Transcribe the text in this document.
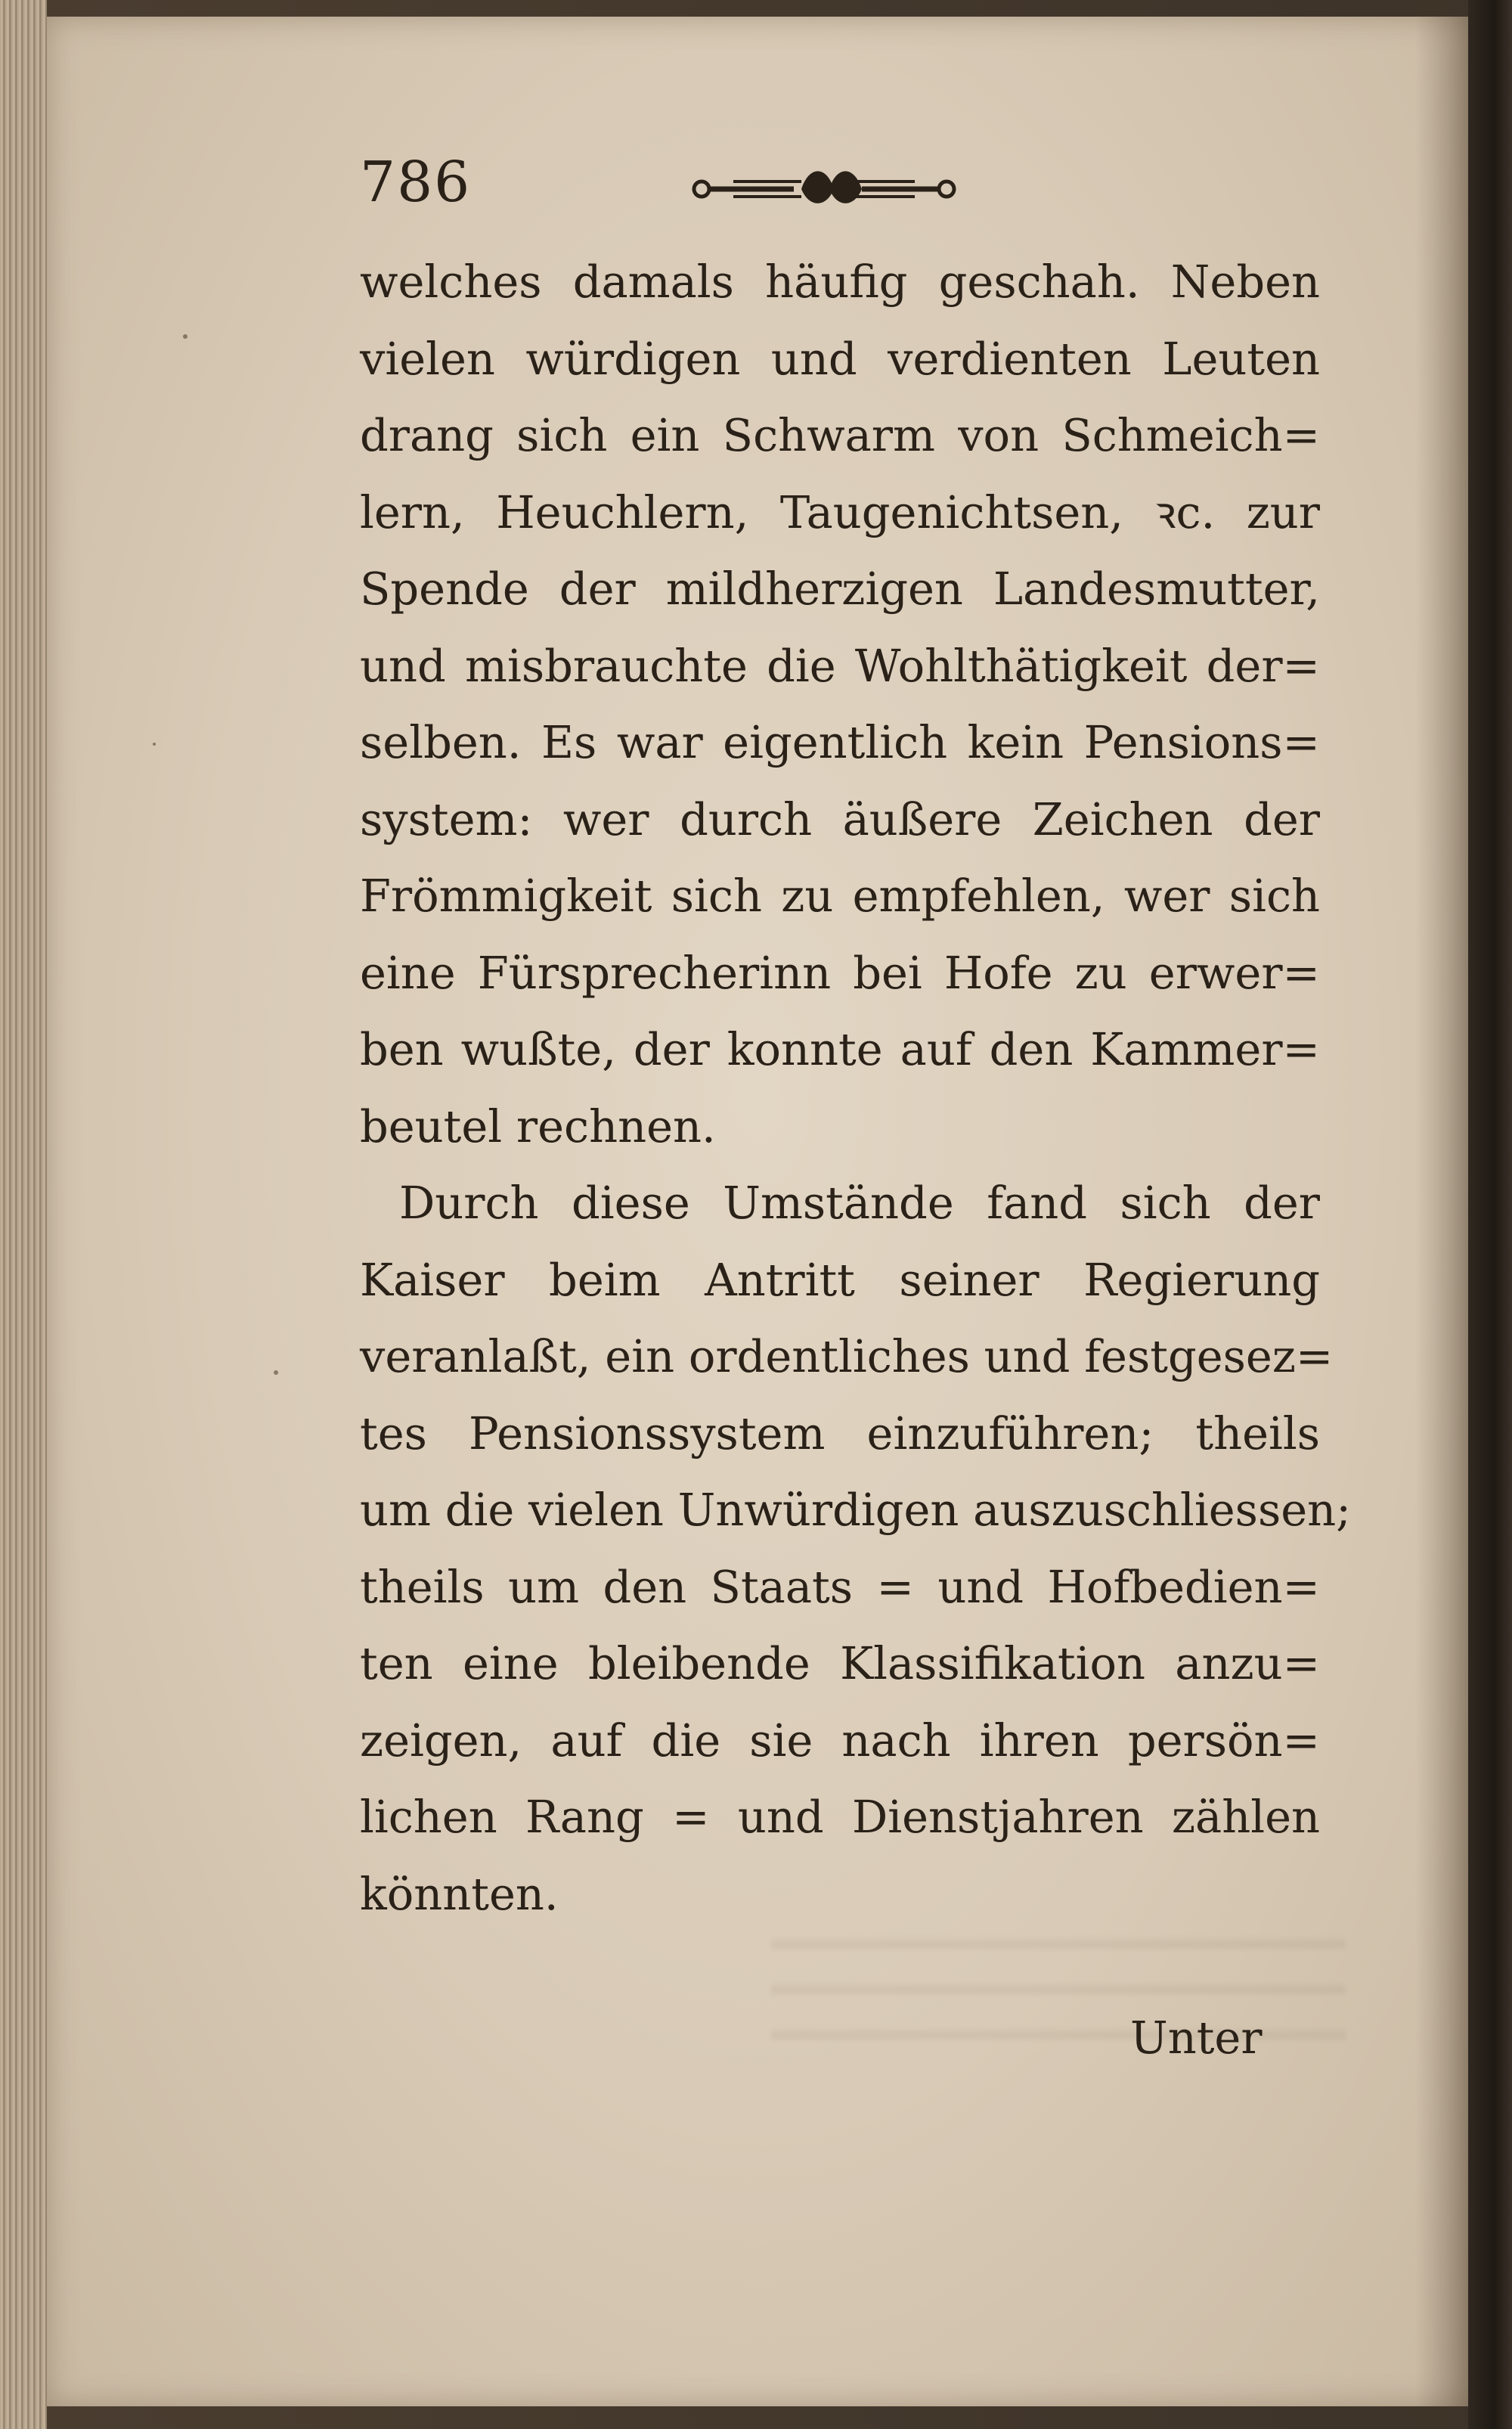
786
welches damals häufig geschah. Neben
vielen würdigen und verdienten Leuten
drang sich ein Schwarm von Schmeich=
lern, Heuchlern, Taugenichtsen, ꝛc. zur
Spende der mildherzigen Landesmutter,
und misbrauchte die Wohlthätigkeit der=
selben. Es war eigentlich kein Pensions=
system: wer durch äußere Zeichen der
Frömmigkeit sich zu empfehlen, wer sich
eine Fürsprecherinn bei Hofe zu erwer=
ben wußte, der konnte auf den Kammer=
beutel rechnen.
Durch diese Umstände fand sich der
Kaiser beim Antritt seiner Regierung
veranlaßt, ein ordentliches und festgesez=
tes Pensionssystem einzuführen; theils
um die vielen Unwürdigen auszuschliessen;
theils um den Staats = und Hofbedien=
ten eine bleibende Klassifikation anzu=
zeigen, auf die sie nach ihren persön=
lichen Rang = und Dienstjahren zählen
könnten.
Unter
